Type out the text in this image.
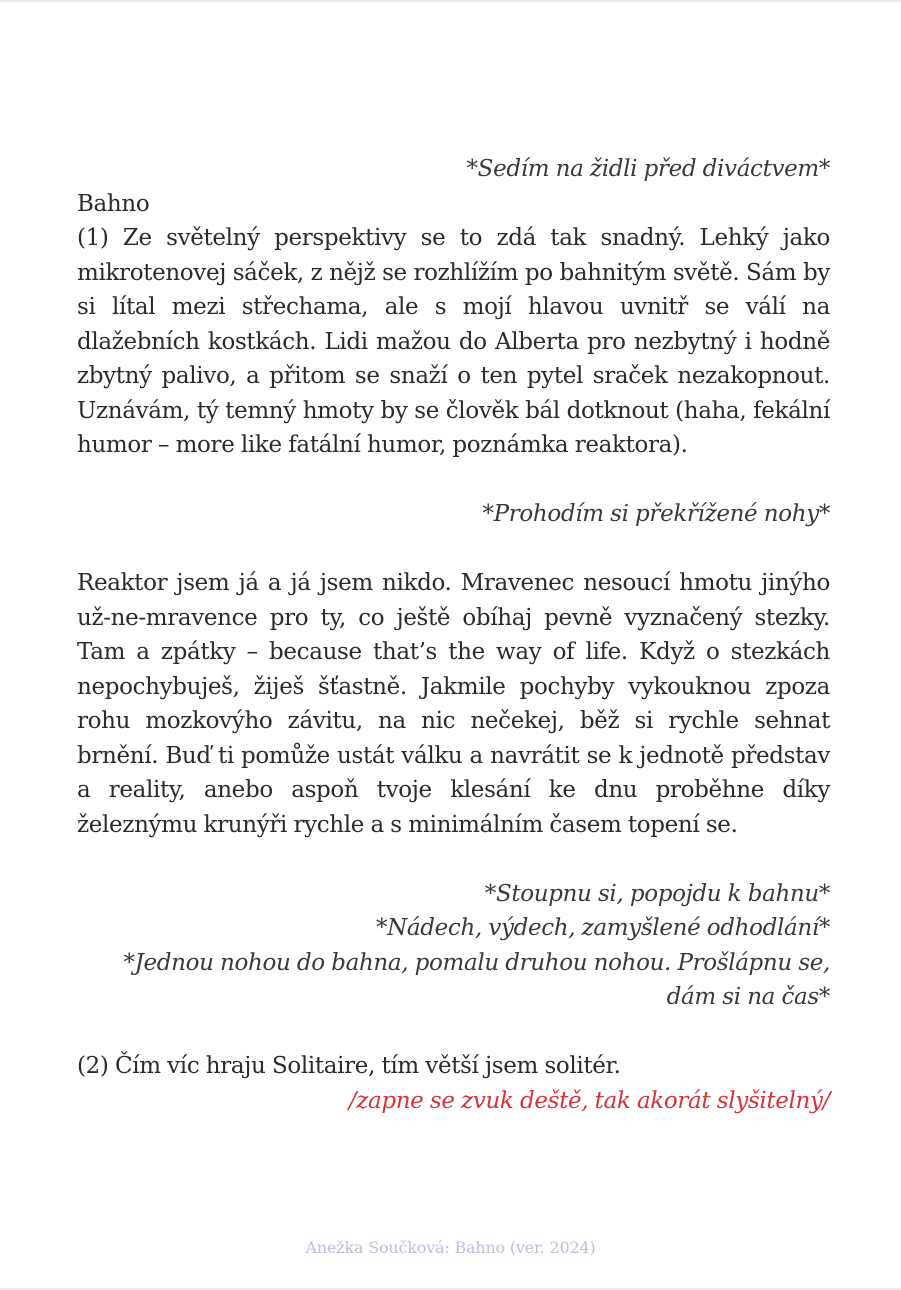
*Sedím na židli před diváctvem*
Bahno

(1) Ze světelný perspektivy se to zdá tak snadný. Lehký jako mikrotenovej sáček, z nějž se rozhlížím po bahnitým světě. Sám by si lítal mezi střechama, ale s mojí hlavou uvnitř se válí na dlažebních kostkách. Lidi mažou do Alberta pro nezbytný i hodně zbytný palivo, a přitom se snaží o ten pytel sraček nezakopnout. Uznávám, tý temný hmoty by se člověk bál dotknout (haha, fekální humor – more like fatální humor, poznámka reaktora).

*Prohodím si překřížené nohy*

Reaktor jsem já a já jsem nikdo. Mravenec nesoucí hmotu jinýho už-ne-mravence pro ty, co ještě obíhaj pevně vyznačený stezky. Tam a zpátky – because that’s the way of life. Když o stezkách nepochybuješ, žiješ šťastně. Jakmile pochyby vykouknou zpoza rohu mozkovýho závitu, na nic nečekej, běž si rychle sehnat brnění. Buď ti pomůže ustát válku a navrátit se k jednotě představ a reality, anebo aspoň tvoje klesání ke dnu proběhne díky železnýmu krunýři rychle a s minimálním časem topení se.

*Stoupnu si, popojdu k bahnu*
*Nádech, výdech, zamyšlené odhodlání*
*Jednou nohou do bahna, pomalu druhou nohou. Prošlápnu se, dám si na čas*

(2) Čím víc hraju Solitaire, tím větší jsem solitér.

/zapne se zvuk deště, tak akorát slyšitelný/
Anežka Součková: Bahno (ver. 2024)
